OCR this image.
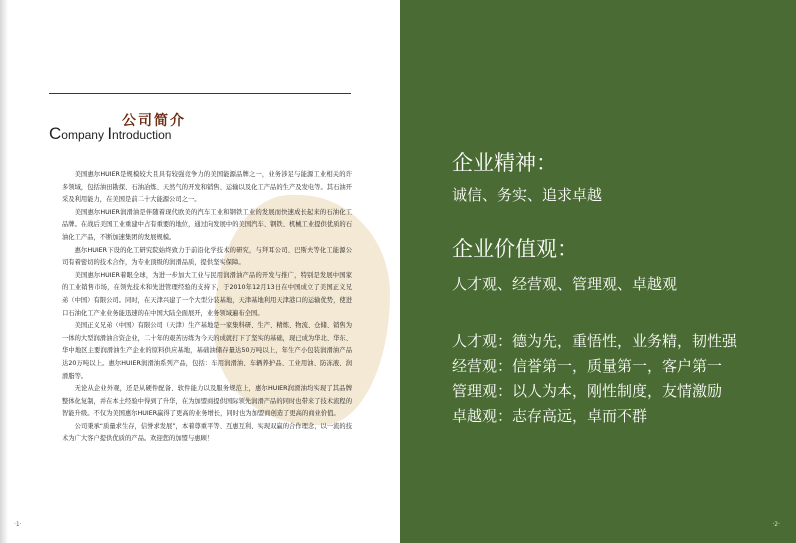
公司简介
Company Introduction

美国惠尔HUIER是规模较大且具有较强竞争力的美国能源品牌之一，业务涉足与能源工业相关的许多领域，包括油田勘探、石油冶炼、天然气的开发和销售、运输以及化工产品的生产及发电等。其石油开采及利用能力，在美国是前二十大能源公司之一。

美国惠尔HUIER润滑油是伴随着现代欧美的汽车工业和钢铁工业的发展而快速成长起来的石油化工品牌。在战后美国工业重建中占有重要的地位，通过向发展中的美国汽车、钢铁、机械工业提供优质的石油化工产品，不断加速集团的发展规模。

惠尔HUIER下设的化工研究院始终致力于前沿化学技术的研究，与拜耳公司、巴斯夫等化工能源公司有着密切的技术合作，为专业顶级的润滑品质，提供坚实保障。

美国惠尔HUIER着眼全球，为进一步加大工业与民用润滑油产品的开发与推广，特别是发展中国家的工业销售市场，在领先技术和先进管理经验的支持下，于2010年12月13日在中国成立了美国正义兄弟（中国）有限公司。同时，在天津兴建了一个大型分装基地，天津基地利用天津港口的运输优势，使进口石油化工产业业务能迅速的在中国大陆全面展开，业务领域遍布全国。

美国正义兄弟（中国）有限公司（天津）生产基地是一家集科研、生产、精炼、物流、仓储、销售为一体的大型润滑油合资企业，二十年的艰苦历练为今天的成就打下了坚实的基础，现已成为华北、华东、华中地区主要润滑油生产企业的原料供应基地，基础油储存量达50万吨以上，年生产小包装润滑油产品达20万吨以上。惠尔HUIER润滑油系列产品，包括：车用润滑油、车辆养护品、工业用油、防冻液、润滑脂等。

无论从企业外观，还是从硬件配备、软件能力以及服务规范上，惠尔HUIER润滑油均实现了其品牌整体化复制，并在本土经验中得到了升华，在为加盟商提供国际领先润滑产品的同时也带来了技术流程的智能升级。不仅为美国惠尔HUIER赢得了更高的业务增长，同时也为加盟商创造了更高的商业价值。

公司秉承“质量求生存，信誉求发展”，本着尊重平等、互惠互利、实现双赢的合作理念，以一流的技术为广大客户提供优质的产品。欢迎您的加盟与惠顾！

·1·
企业精神：
诚信、务实、追求卓越
企业价值观：
人才观、经营观、管理观、卓越观
人才观：德为先，重悟性，业务精，韧性强
经营观：信誉第一，质量第一，客户第一
管理观：以人为本，刚性制度，友情激励
卓越观：志存高远，卓而不群
·2·
